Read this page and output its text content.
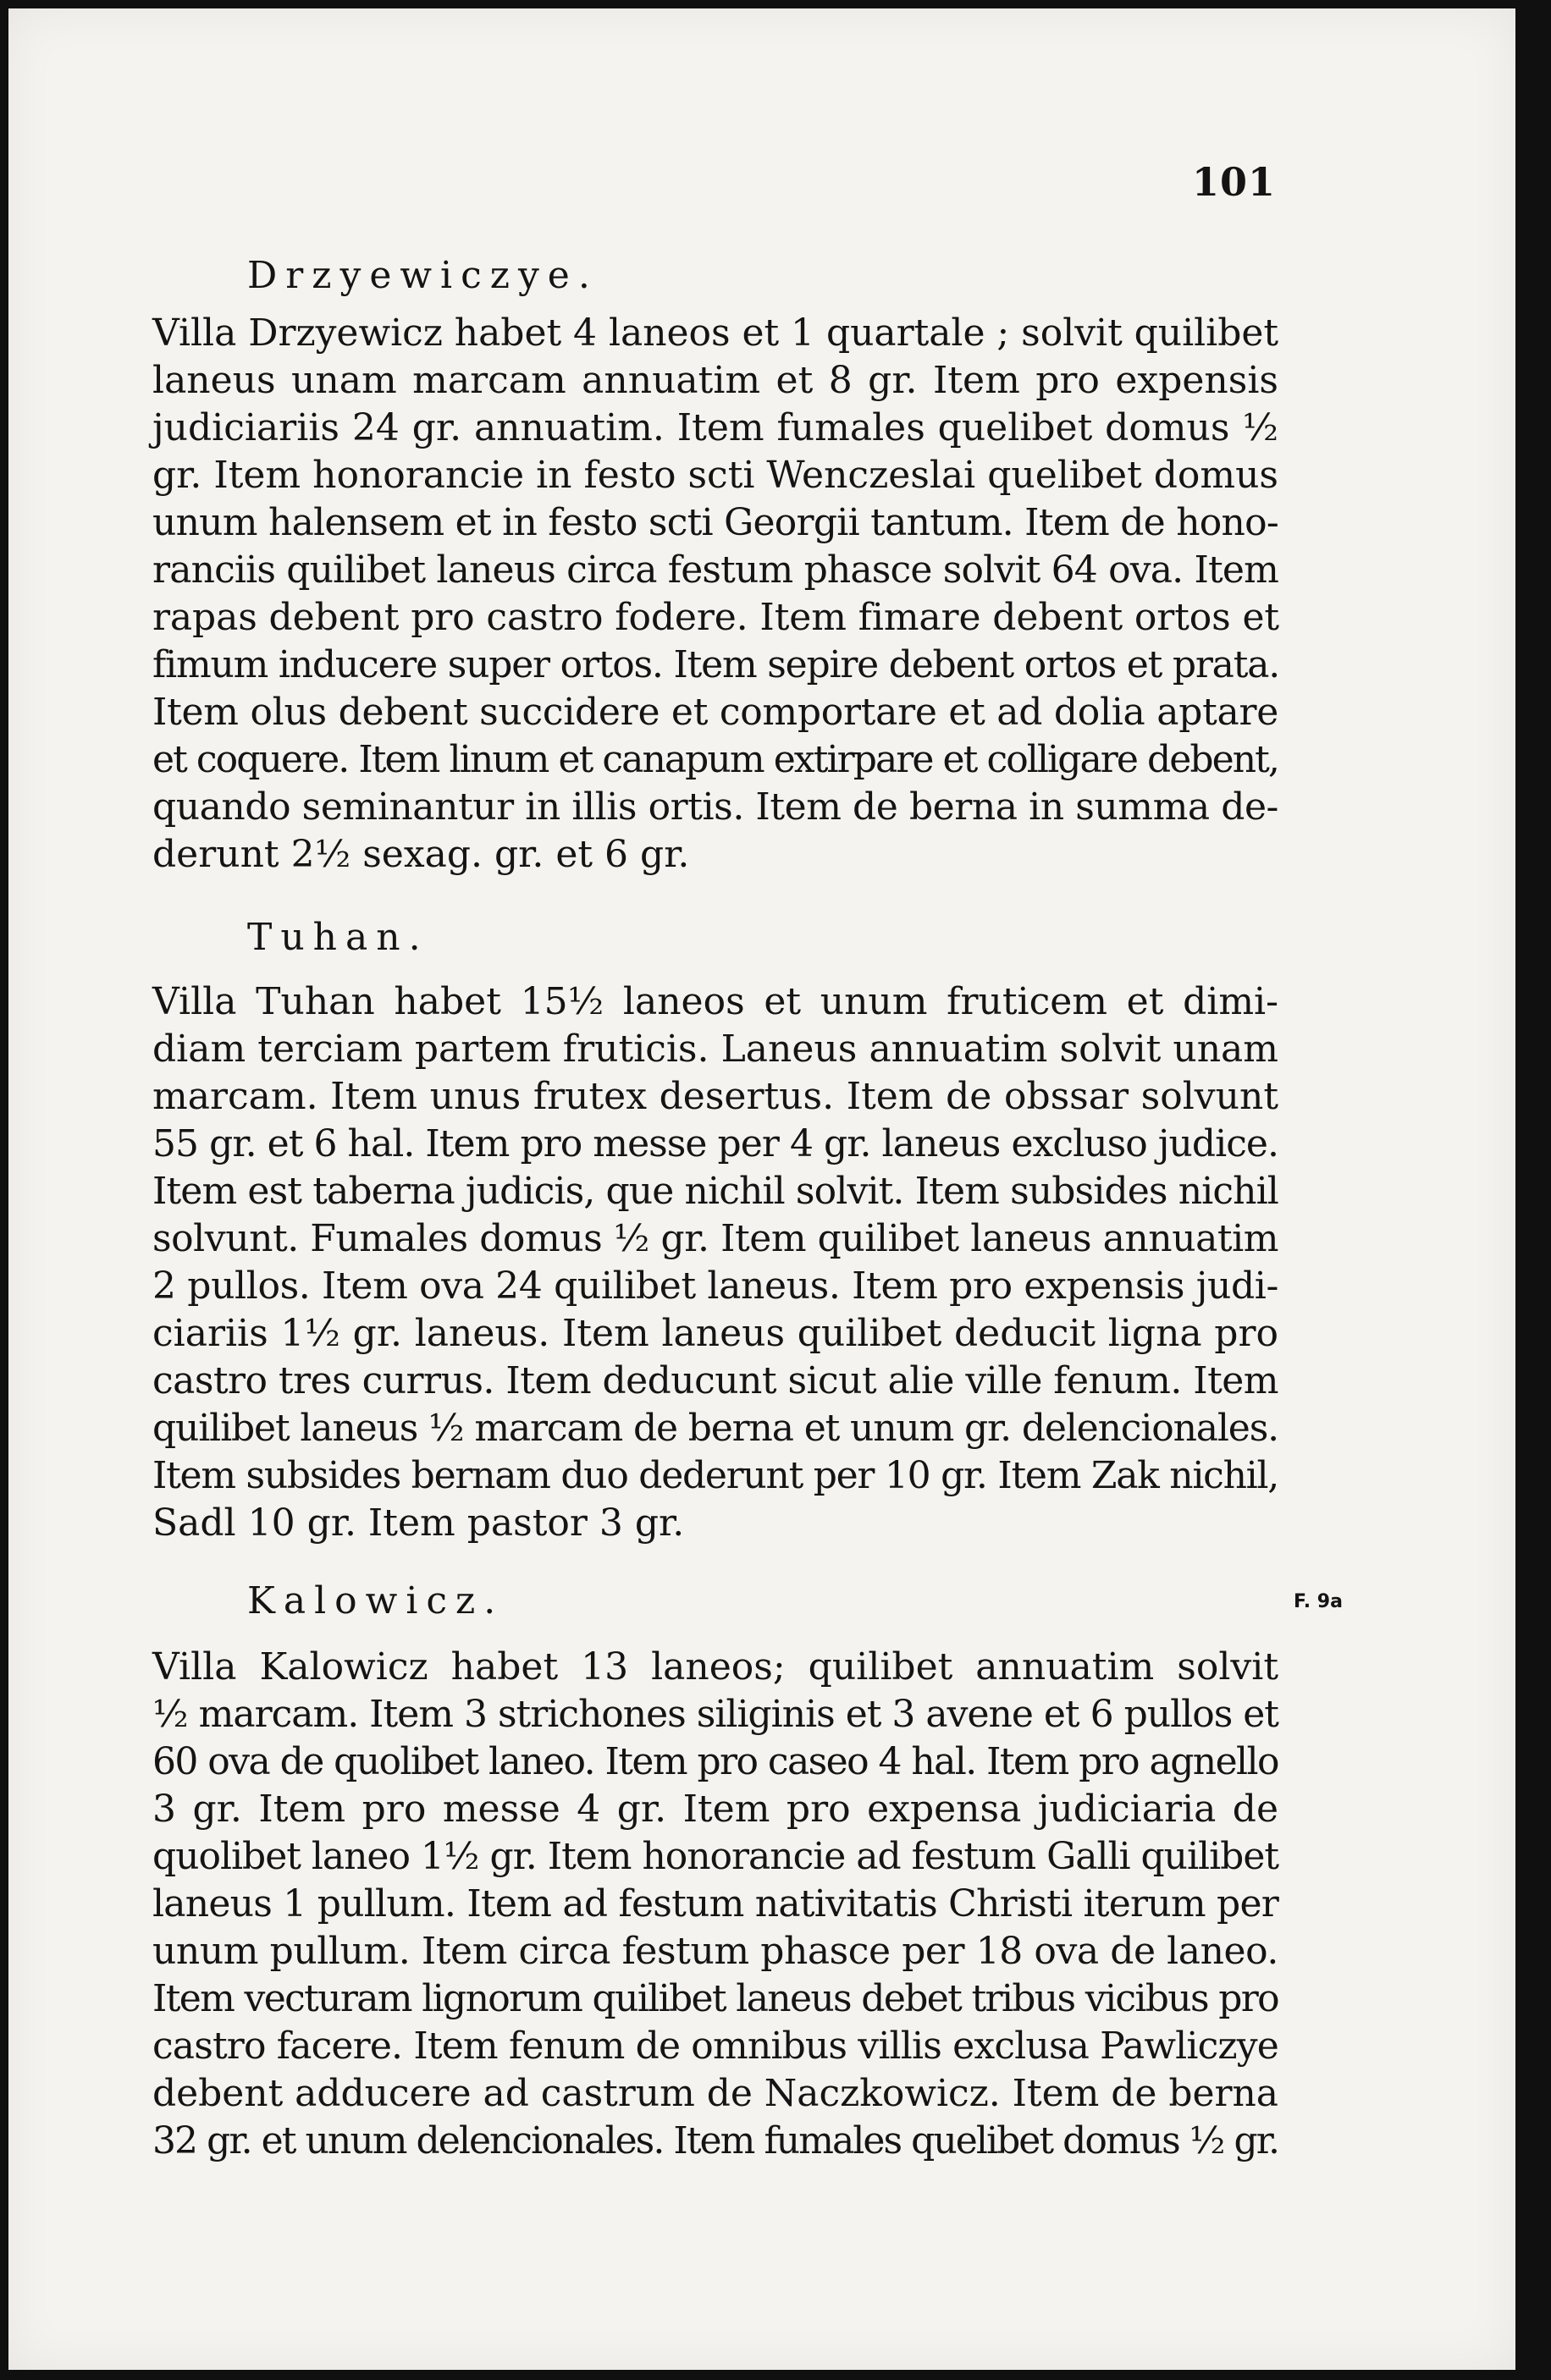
101
Drzyewiczye.
Villa Drzyewicz habet 4 laneos et 1 quartale ; solvit quilibet
laneus unam marcam annuatim et 8 gr. Item pro expensis
judiciariis 24 gr. annuatim. Item fumales quelibet domus ½
gr. Item honorancie in festo scti Wenczeslai quelibet domus
unum halensem et in festo scti Georgii tantum. Item de hono-
ranciis quilibet laneus circa festum phasce solvit 64 ova. Item
rapas debent pro castro fodere. Item fimare debent ortos et
fimum inducere super ortos. Item sepire debent ortos et prata.
Item olus debent succidere et comportare et ad dolia aptare
et coquere. Item linum et canapum extirpare et colligare debent,
quando seminantur in illis ortis. Item de berna in summa de-
derunt 2½ sexag. gr. et 6 gr.
Tuhan.
Villa Tuhan habet 15½ laneos et unum fruticem et dimi-
diam terciam partem fruticis. Laneus annuatim solvit unam
marcam. Item unus frutex desertus. Item de obssar solvunt
55 gr. et 6 hal. Item pro messe per 4 gr. laneus excluso judice.
Item est taberna judicis, que nichil solvit. Item subsides nichil
solvunt. Fumales domus ½ gr. Item quilibet laneus annuatim
2 pullos. Item ova 24 quilibet laneus. Item pro expensis judi-
ciariis 1½ gr. laneus. Item laneus quilibet deducit ligna pro
castro tres currus. Item deducunt sicut alie ville fenum. Item
quilibet laneus ½ marcam de berna et unum gr. delencionales.
Item subsides bernam duo dederunt per 10 gr. Item Zak nichil,
Sadl 10 gr. Item pastor 3 gr.
Kalowicz.	F. 9a
Villa Kalowicz habet 13 laneos; quilibet annuatim solvit
½ marcam. Item 3 strichones siliginis et 3 avene et 6 pullos et
60 ova de quolibet laneo. Item pro caseo 4 hal. Item pro agnello
3 gr. Item pro messe 4 gr. Item pro expensa judiciaria de
quolibet laneo 1½ gr. Item honorancie ad festum Galli quilibet
laneus 1 pullum. Item ad festum nativitatis Christi iterum per
unum pullum. Item circa festum phasce per 18 ova de laneo.
Item vecturam lignorum quilibet laneus debet tribus vicibus pro
castro facere. Item fenum de omnibus villis exclusa Pawliczye
debent adducere ad castrum de Naczkowicz. Item de berna
32 gr. et unum delencionales. Item fumales quelibet domus ½ gr.
